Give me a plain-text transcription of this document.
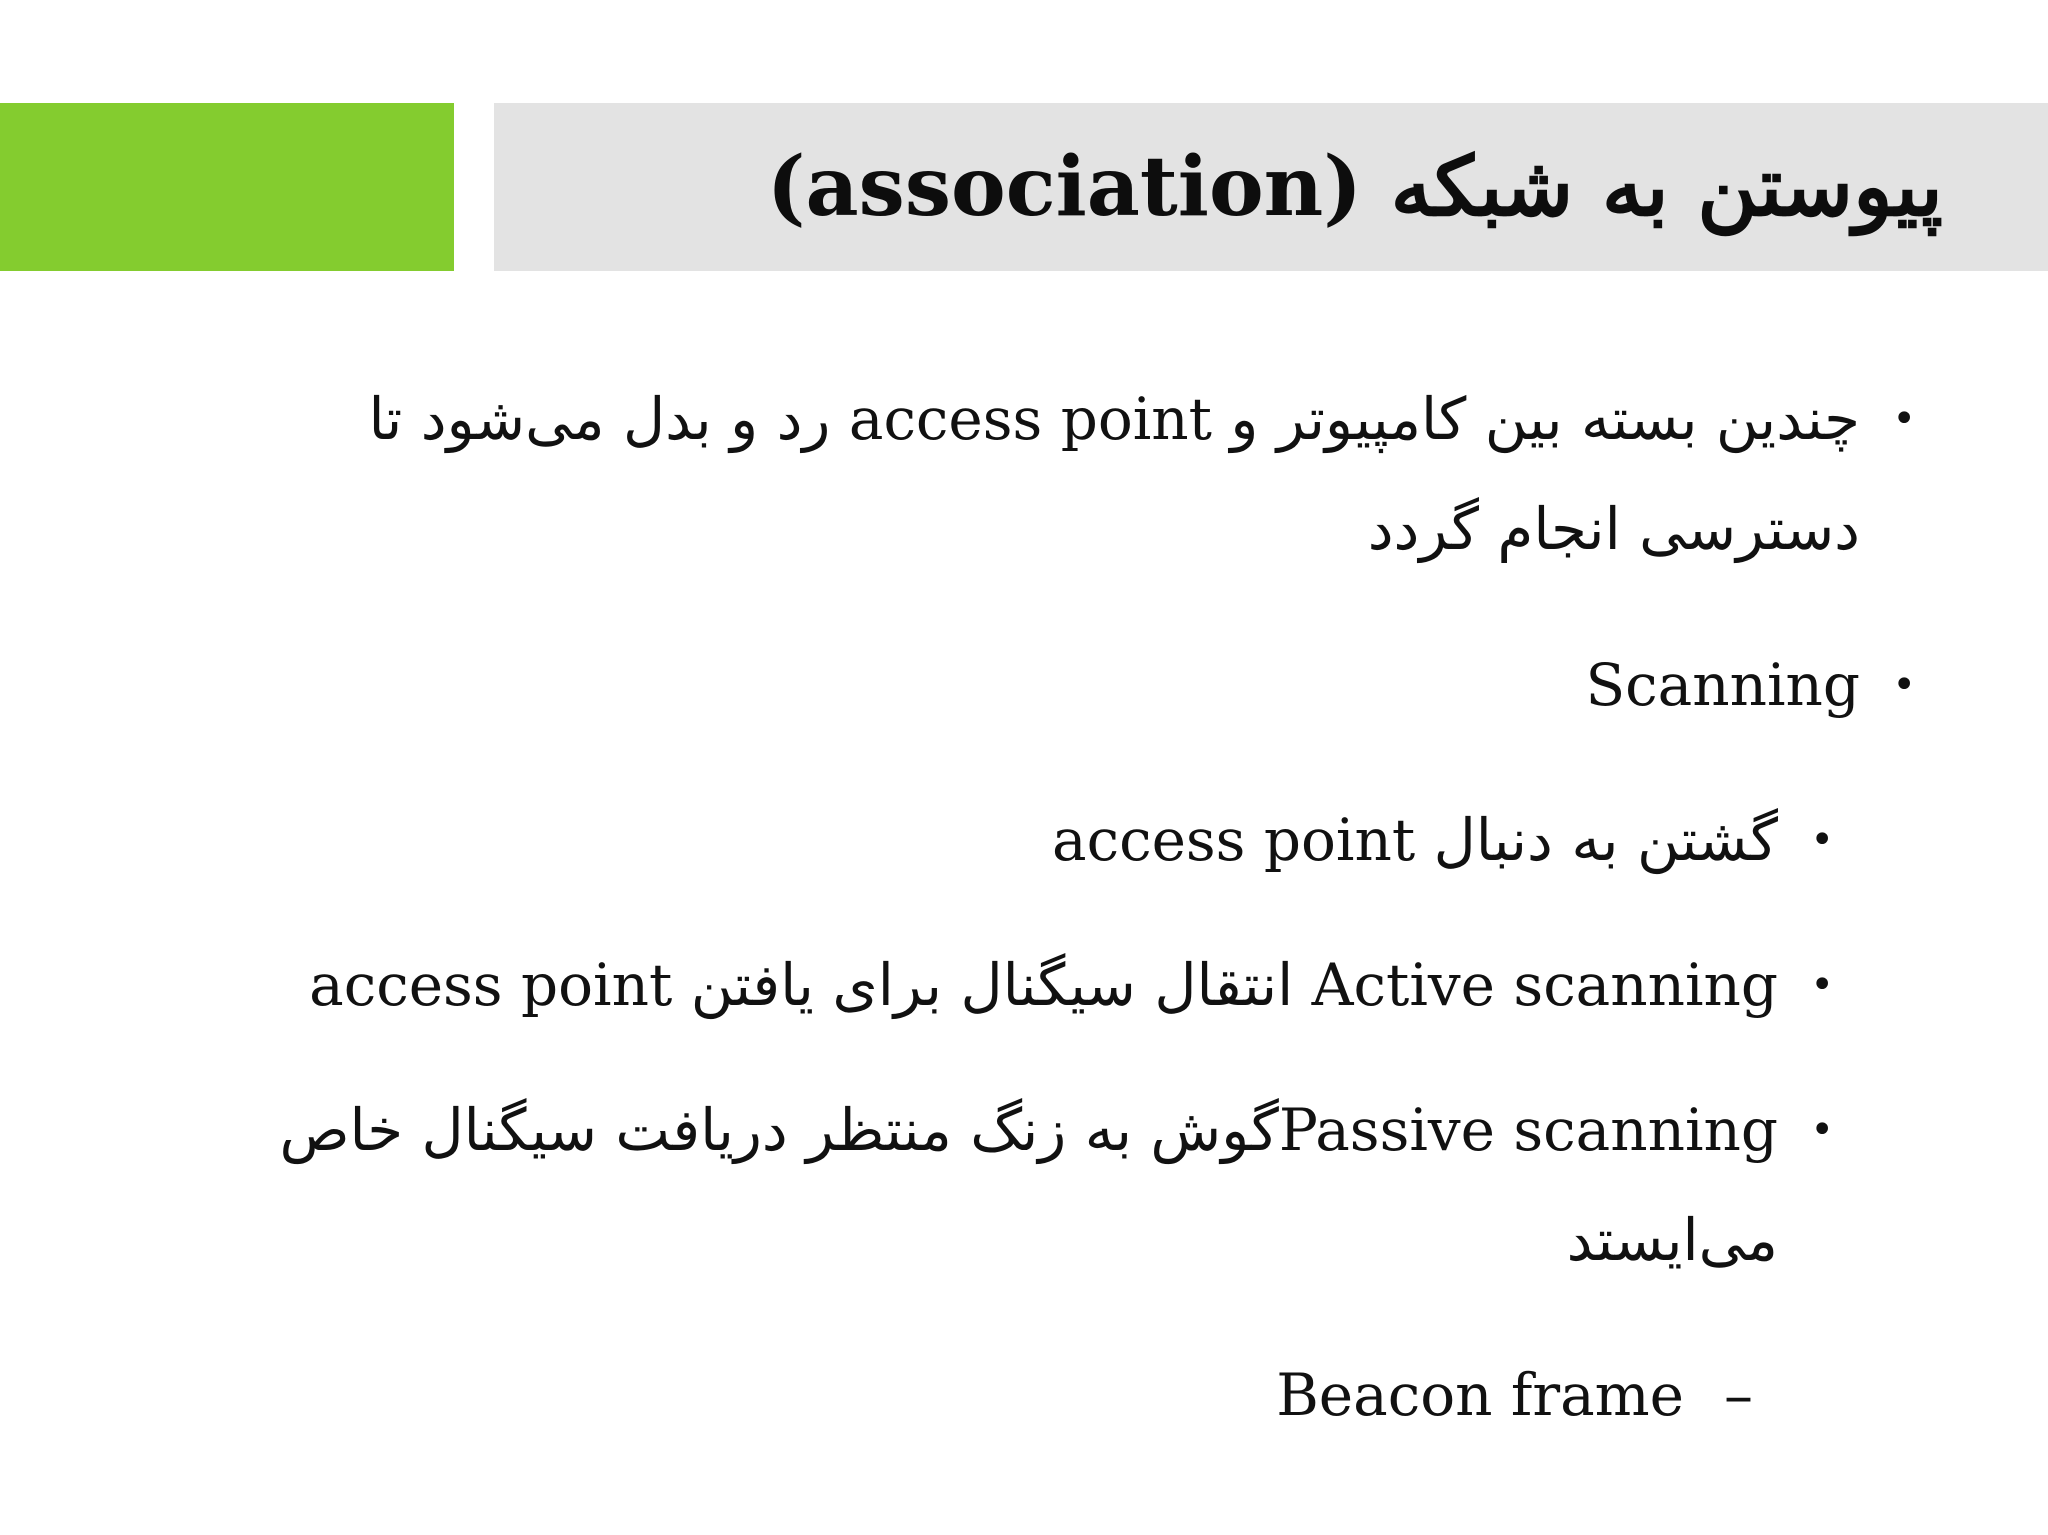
پیوستن به شبکه (association)
•
چندین بسته بین کامپیوتر و access point رد و بدل می‌شود تا دسترسی انجام گردد
•
Scanning
•
گشتن به دنبال access point
•
Active scanning انتقال سیگنال برای یافتن access point
•
Passive scanningگوش به زنگ منتظر دریافت سیگنال خاص می‌ایستد
Beacon frame –
